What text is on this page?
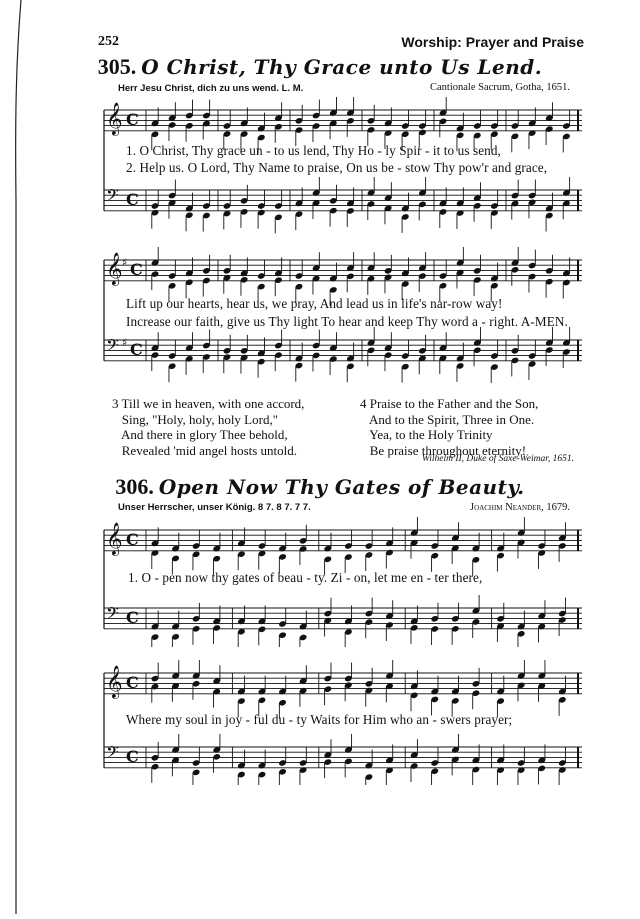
252	Worship: Prayer and Praise
305. O Christ, Thy Grace unto Us Lend.
Herr Jesu Christ, dich zu uns wend. L. M.	Cantionale Sacrum, Gotha, 1651.
𝄞
𝄢
C
C
1. O Christ, Thy grace un - to us lend, Thy Ho - ly Spir - it to us send,
2. Help us. O Lord, Thy Name to praise, On us be - stow Thy pow'r and grace,
𝄞 ♯
𝄢 ♯
C
C
Lift up our hearts, hear us, we pray, And lead us in life's nar-row way!
Increase our faith, give us Thy light To hear and keep Thy word a - right. A-MEN.
3 Till we in heaven, with one accord,
Sing, "Holy, holy, holy Lord,"
And there in glory Thee behold,
Revealed 'mid angel hosts untold.
4 Praise to the Father and the Son,
And to the Spirit, Three in One.
Yea, to the Holy Trinity
Be praise throughout eternity!
Wilhelm II, Duke of Saxe-Weimar, 1651.
306. Open Now Thy Gates of Beauty.
Unser Herrscher, unser König. 8 7. 8 7. 7 7.	Joachim Neander, 1679.
𝄞
𝄢
C
C
1. O - pen now thy gates of beau - ty. Zi - on, let me en - ter there,
𝄞
𝄢
C
C
Where my soul in joy - ful du - ty Waits for Him who an - swers prayer;
